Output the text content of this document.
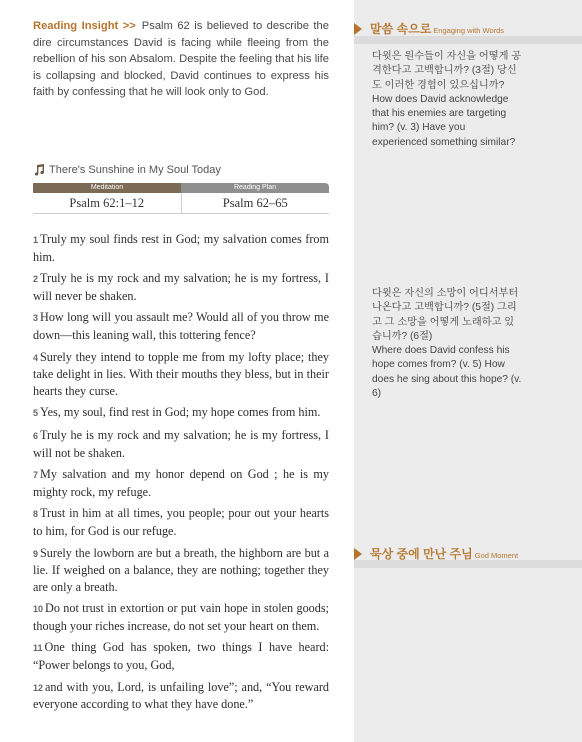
Reading Insight >> Psalm 62 is believed to describe the dire circumstances David is facing while fleeing from the rebellion of his son Absalom. Despite the feeling that his life is collapsing and blocked, David continues to express his faith by confessing that he will look only to God.

There's Sunshine in My Soul Today
Meditation	Reading Plan
Psalm 62:1–12	Psalm 62–65

1 Truly my soul finds rest in God; my salvation comes from him.

2 Truly he is my rock and my salvation; he is my fortress, I will never be shaken.

3 How long will you assault me? Would all of you throw me down—this leaning wall, this tottering fence?

4 Surely they intend to topple me from my lofty place; they take delight in lies. With their mouths they bless, but in their hearts they curse.

5 Yes, my soul, find rest in God; my hope comes from him.

6 Truly he is my rock and my salvation; he is my fortress, I will not be shaken.

7 My salvation and my honor depend on God ; he is my mighty rock, my refuge.

8 Trust in him at all times, you people; pour out your hearts to him, for God is our refuge.

9 Surely the lowborn are but a breath, the highborn are but a lie. If weighed on a balance, they are nothing; together they are only a breath.

10 Do not trust in extortion or put vain hope in stolen goods; though your riches increase, do not set your heart on them.

11 One thing God has spoken, two things I have heard: “Power belongs to you, God,

12 and with you, Lord, is unfailing love”; and, “You reward everyone according to what they have done.”

말씀 속으로 Engaging with Words
다윗은 원수들이 자신을 어떻게 공격한다고 고백합니까? (3절) 당신도 이러한 경험이 있으십니까?
How does David acknowledge that his enemies are targeting him? (v. 3) Have you experienced something similar?
다윗은 자신의 소망이 어디서부터 나온다고 고백합니까? (5절) 그리고 그 소망을 어떻게 노래하고 있습니까? (6절)
Where does David confess his hope comes from? (v. 5) How does he sing about this hope? (v. 6)
묵상 중에 만난 주님 God Moment
